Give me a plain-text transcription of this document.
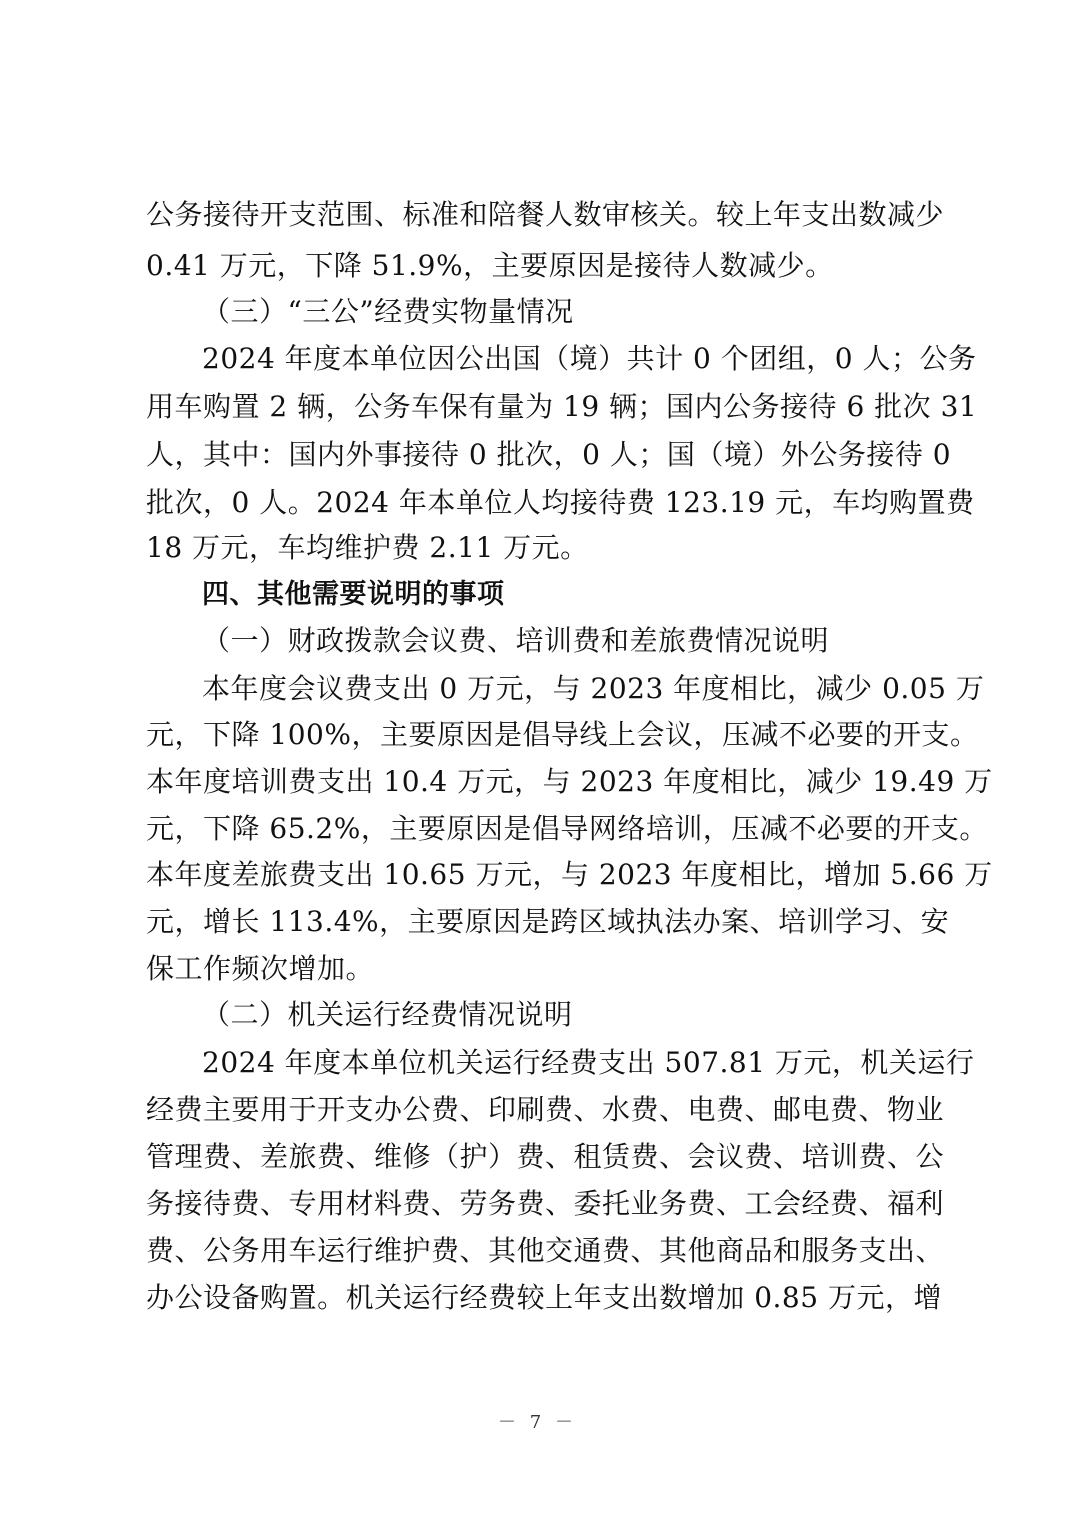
公务接待开支范围、标准和陪餐人数审核关。较上年支出数减少
0.41 万元，下降 51.9%，主要原因是接待人数减少。
（三）“三公”经费实物量情况
2024 年度本单位因公出国（境）共计 0 个团组，0 人；公务
用车购置 2 辆，公务车保有量为 19 辆；国内公务接待 6 批次 31
人，其中：国内外事接待 0 批次，0 人；国（境）外公务接待 0
批次，0 人。2024 年本单位人均接待费 123.19 元，车均购置费
18 万元，车均维护费 2.11 万元。
四、其他需要说明的事项
（一）财政拨款会议费、培训费和差旅费情况说明
本年度会议费支出 0 万元，与 2023 年度相比，减少 0.05 万
元，下降 100%，主要原因是倡导线上会议，压减不必要的开支。
本年度培训费支出 10.4 万元，与 2023 年度相比，减少 19.49 万
元，下降 65.2%，主要原因是倡导网络培训，压减不必要的开支。
本年度差旅费支出 10.65 万元，与 2023 年度相比，增加 5.66 万
元，增长 113.4%，主要原因是跨区域执法办案、培训学习、安
保工作频次增加。
（二）机关运行经费情况说明
2024 年度本单位机关运行经费支出 507.81 万元，机关运行
经费主要用于开支办公费、印刷费、水费、电费、邮电费、物业
管理费、差旅费、维修（护）费、租赁费、会议费、培训费、公
务接待费、专用材料费、劳务费、委托业务费、工会经费、福利
费、公务用车运行维护费、其他交通费、其他商品和服务支出、
办公设备购置。机关运行经费较上年支出数增加 0.85 万元，增
－ 7 －
